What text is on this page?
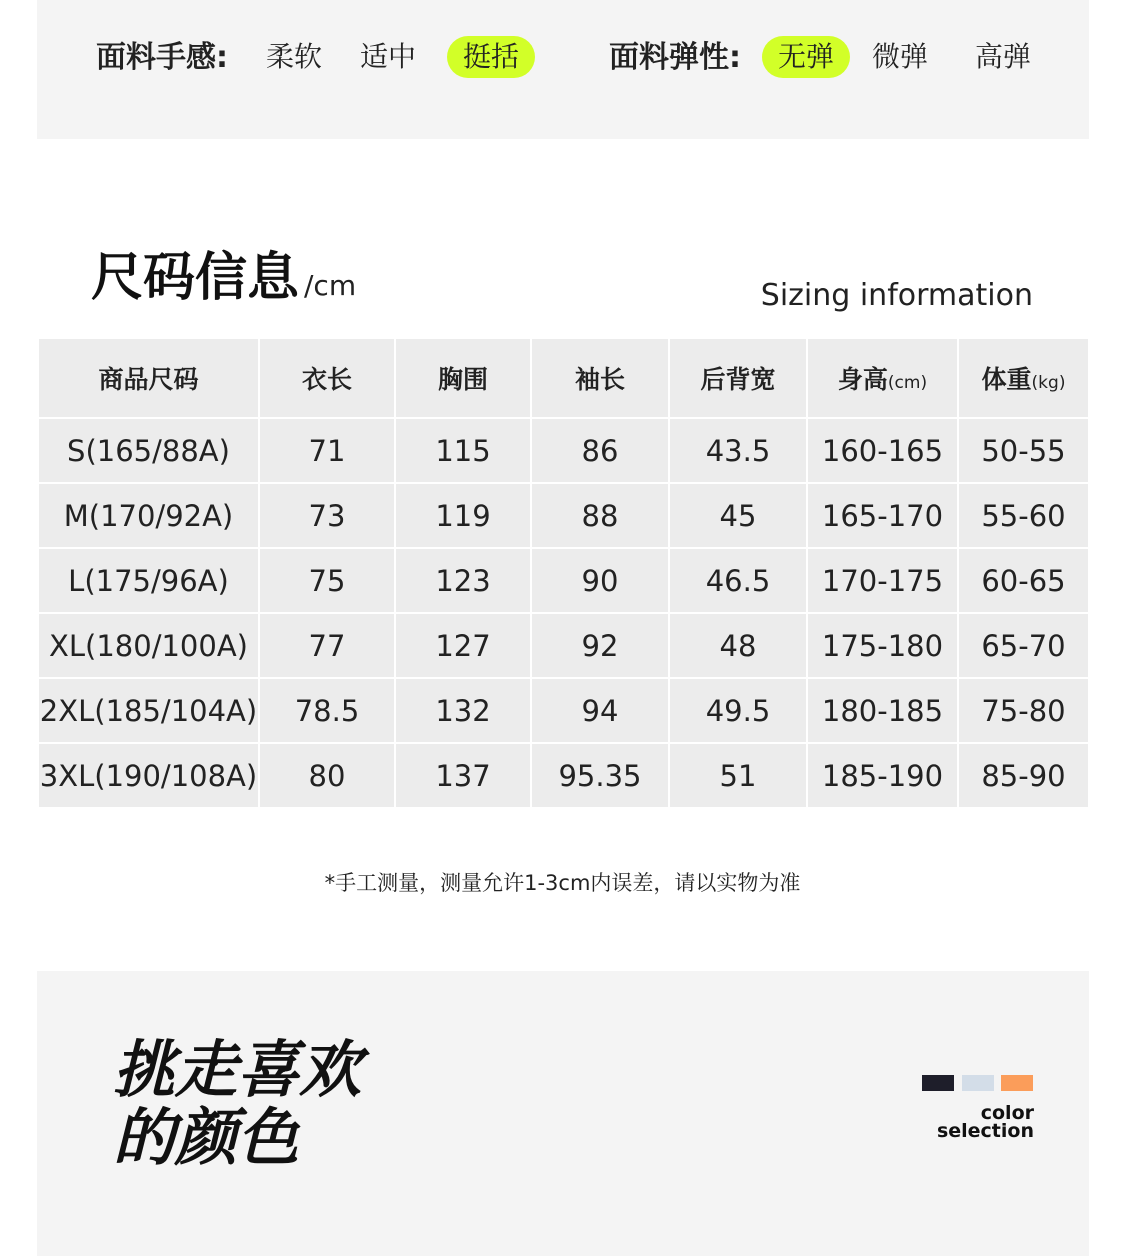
面料手感: 柔软 适中	挺括	面料弹性:	无弹	微弹 高弹
尺码信息 /cm	Sizing information
商品尺码	衣长	胸围	袖长	后背宽	身高(cm)	体重(kg)
S(165/88A)	71	115	86	43.5	160-165	50-55
M(170/92A)	73	119	88	45	165-170	55-60
L(175/96A)	75	123	90	46.5	170-175	60-65
XL(180/100A)	77	127	92	48	175-180	65-70
2XL(185/104A)	78.5	132	94	49.5	180-185	75-80
3XL(190/108A)	80	137	95.35	51	185-190	85-90
*手工测量，测量允许1-3cm内误差，请以实物为准
挑走喜欢
的颜色	color
selection
